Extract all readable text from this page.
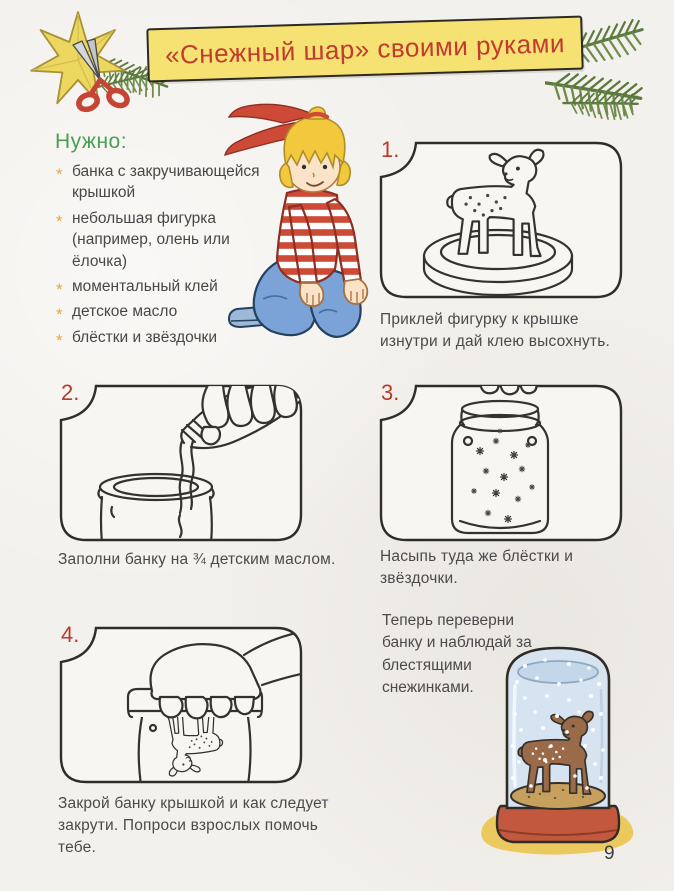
«Снежный шар» своими руками
Нужно:
* банка с закручивающейся крышкой
* небольшая фигурка (например, олень или ёлочка)
* моментальный клей
* детское масло
* блёстки и звёздочки
1.
Приклей фигурку к крышке изнутри и дай клею высохнуть.
2.
Заполни банку на ¾ детским маслом.
3.
Насыпь туда же блёстки и звёздочки.
4.
Закрой банку крышкой и как следует закрути. Попроси взрослых помочь тебе.
Теперь переверни банку и наблюдай за блестящими снежинками.
9
